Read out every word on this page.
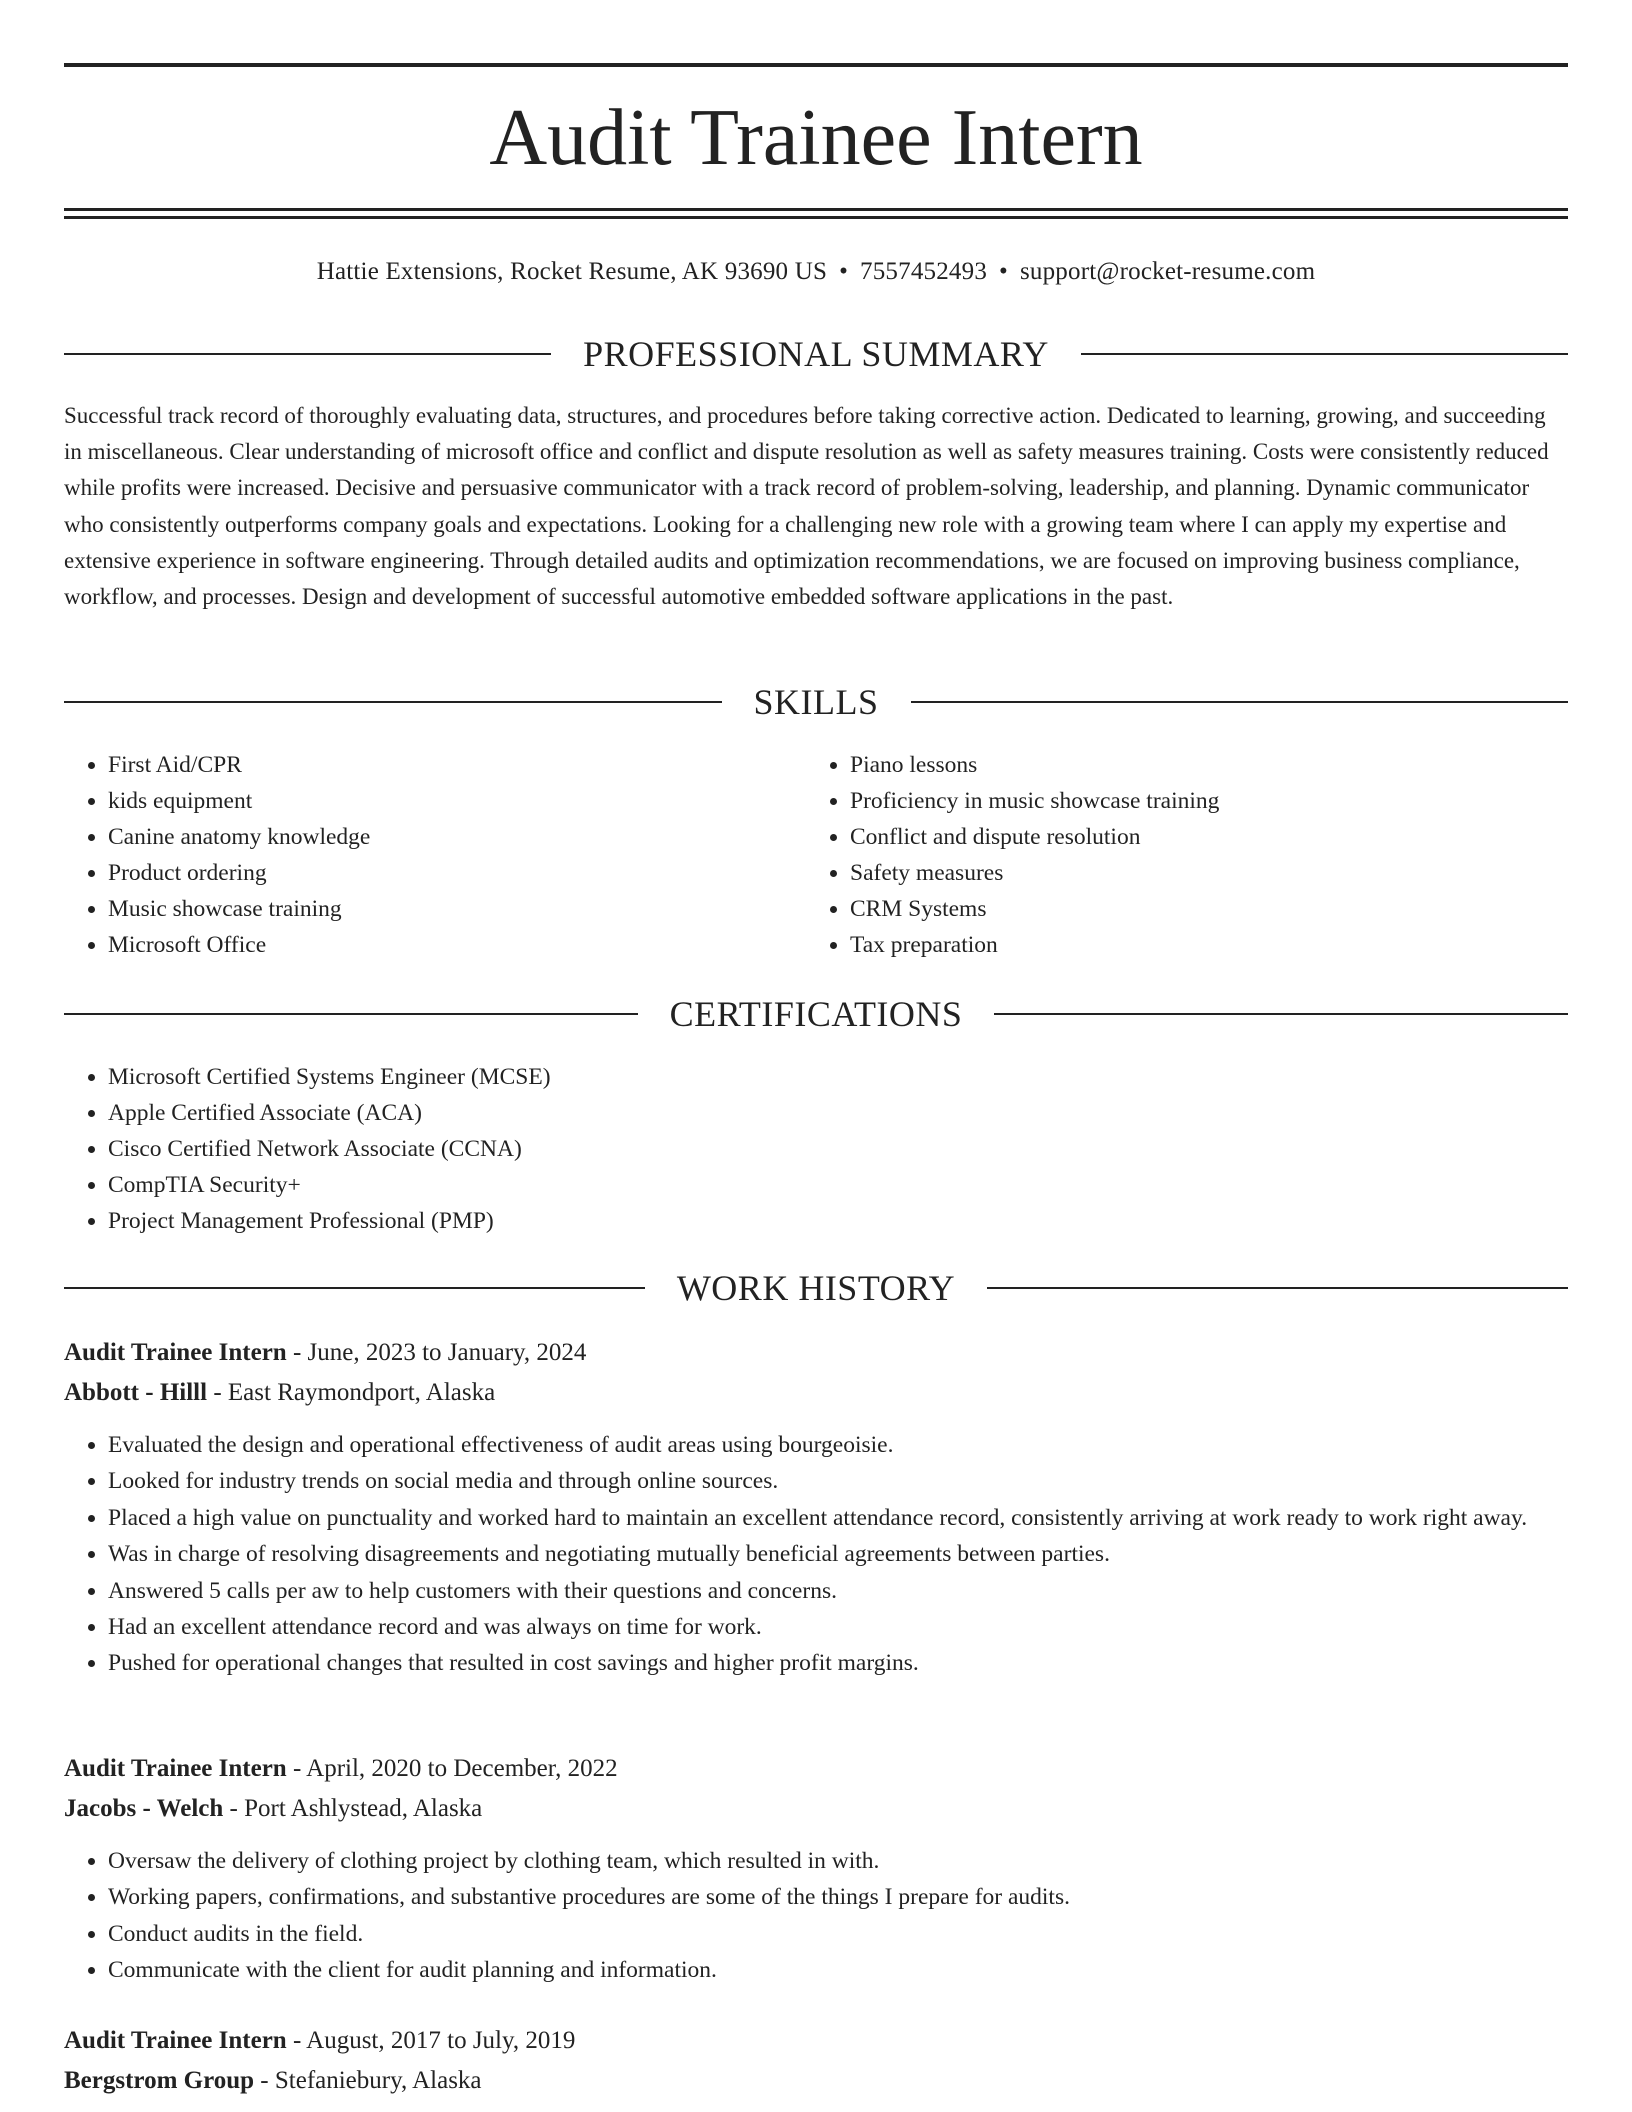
Audit Trainee Intern
Hattie Extensions, Rocket Resume, AK 93690 US • 7557452493 • support@rocket-resume.com
PROFESSIONAL SUMMARY

Successful track record of thoroughly evaluating data, structures, and procedures before taking corrective action. Dedicated to learning, growing, and succeeding in miscellaneous. Clear understanding of microsoft office and conflict and dispute resolution as well as safety measures training. Costs were consistently reduced while profits were increased. Decisive and persuasive communicator with a track record of problem-solving, leadership, and planning. Dynamic communicator who consistently outperforms company goals and expectations. Looking for a challenging new role with a growing team where I can apply my expertise and extensive experience in software engineering. Through detailed audits and optimization recommendations, we are focused on improving business compliance, workflow, and processes. Design and development of successful automotive embedded software applications in the past.

SKILLS
• First Aid/CPR
• kids equipment
• Canine anatomy knowledge
• Product ordering
• Music showcase training
• Microsoft Office
• Piano lessons
• Proficiency in music showcase training
• Conflict and dispute resolution
• Safety measures
• CRM Systems
• Tax preparation
CERTIFICATIONS
• Microsoft Certified Systems Engineer (MCSE)
• Apple Certified Associate (ACA)
• Cisco Certified Network Associate (CCNA)
• CompTIA Security+
• Project Management Professional (PMP)
WORK HISTORY
Audit Trainee Intern - June, 2023 to January, 2024
Abbott - Hilll - East Raymondport, Alaska
• Evaluated the design and operational effectiveness of audit areas using bourgeoisie.
• Looked for industry trends on social media and through online sources.
• Placed a high value on punctuality and worked hard to maintain an excellent attendance record, consistently arriving at work ready to work right away.
• Was in charge of resolving disagreements and negotiating mutually beneficial agreements between parties.
• Answered 5 calls per aw to help customers with their questions and concerns.
• Had an excellent attendance record and was always on time for work.
• Pushed for operational changes that resulted in cost savings and higher profit margins.
Audit Trainee Intern - April, 2020 to December, 2022
Jacobs - Welch - Port Ashlystead, Alaska
• Oversaw the delivery of clothing project by clothing team, which resulted in with.
• Working papers, confirmations, and substantive procedures are some of the things I prepare for audits.
• Conduct audits in the field.
• Communicate with the client for audit planning and information.
Audit Trainee Intern - August, 2017 to July, 2019
Bergstrom Group - Stefaniebury, Alaska
